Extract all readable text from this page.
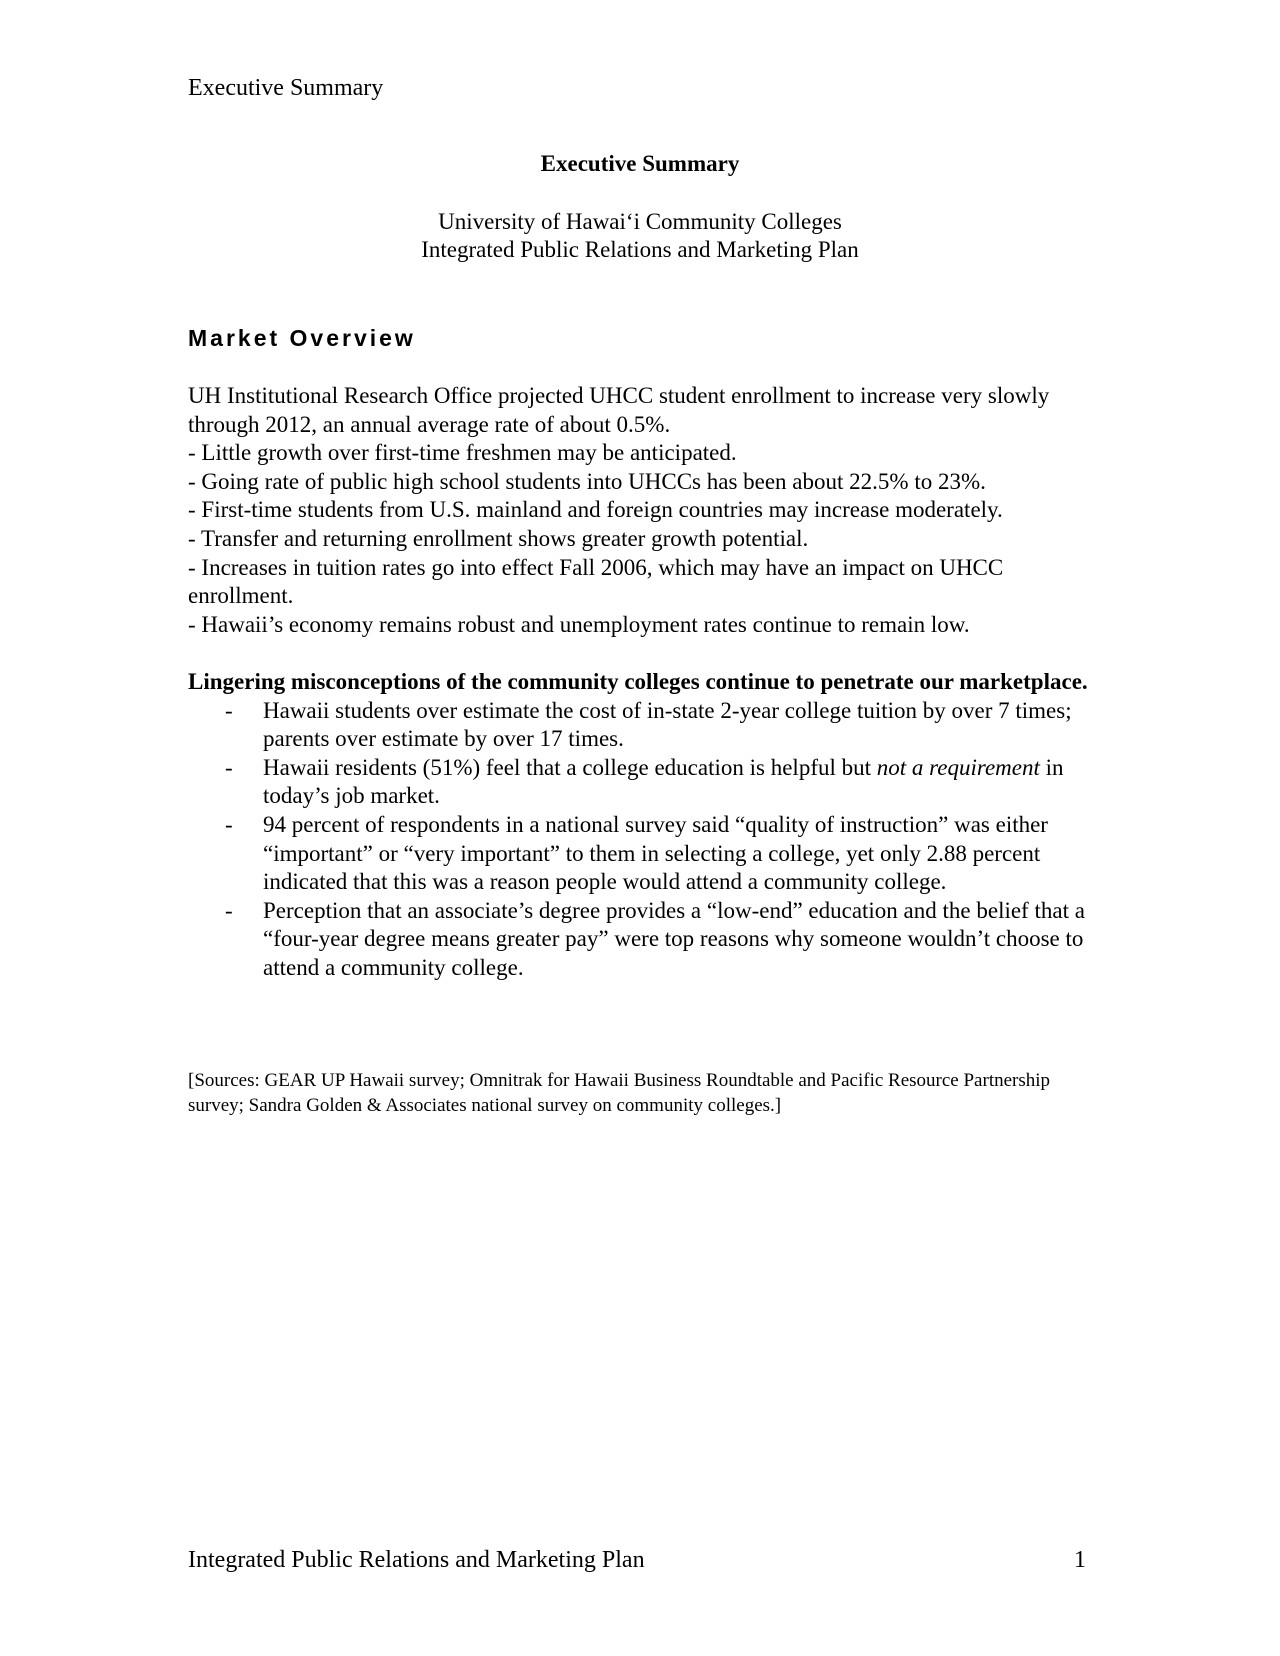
Executive Summary
Executive Summary
University of Hawai‘i Community Colleges
Integrated Public Relations and Marketing Plan
Market Overview

UH Institutional Research Office projected UHCC student enrollment to increase very slowly through 2012, an annual average rate of about 0.5%.

- Little growth over first-time freshmen may be anticipated.

- Going rate of public high school students into UHCCs has been about 22.5% to 23%.

- First-time students from U.S. mainland and foreign countries may increase moderately.

- Transfer and returning enrollment shows greater growth potential.

- Increases in tuition rates go into effect Fall 2006, which may have an impact on UHCC enrollment.

- Hawaii’s economy remains robust and unemployment rates continue to remain low.

Lingering misconceptions of the community colleges continue to penetrate our marketplace.

- Hawaii students over estimate the cost of in-state 2-year college tuition by over 7 times; parents over estimate by over 17 times.
- Hawaii residents (51%) feel that a college education is helpful but not a requirement in today’s job market.
- 94 percent of respondents in a national survey said “quality of instruction” was either “important” or “very important” to them in selecting a college, yet only 2.88 percent indicated that this was a reason people would attend a community college.
- Perception that an associate’s degree provides a “low-end” education and the belief that a “four-year degree means greater pay” were top reasons why someone wouldn’t choose to attend a community college.
[Sources: GEAR UP Hawaii survey; Omnitrak for Hawaii Business Roundtable and Pacific Resource Partnership survey; Sandra Golden & Associates national survey on community colleges.]
Integrated Public Relations and Marketing Plan	1
